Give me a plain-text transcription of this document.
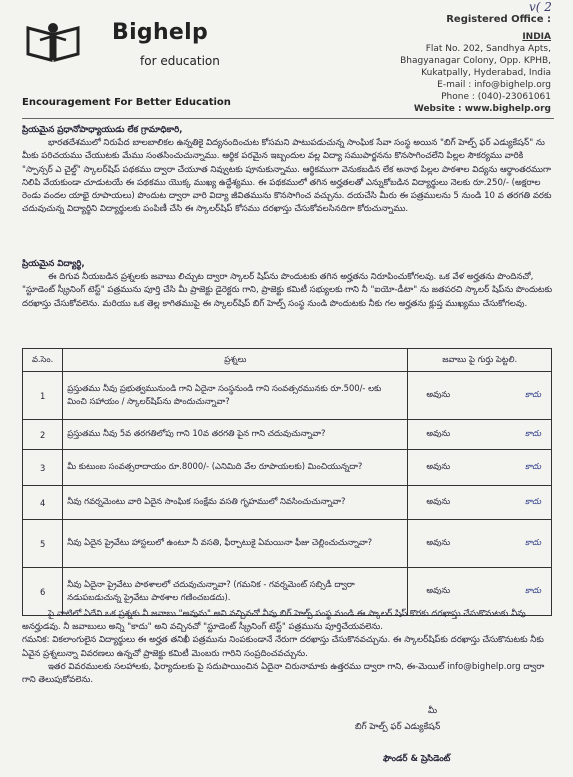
v( 2
Bighelp
for education
Encouragement For Better Education
Registered Office :
INDIA
Flat No. 202, Sandhya Apts,
Bhagyanagar Colony, Opp. KPHB,
Kukatpally, Hyderabad, India
E-mail : info@bighelp.org
Phone : (040)-23061061
Website : www.bighelp.org

ప్రియమైన ప్రధానోపాధ్యాయుడు లేక గ్రామాధికారి,

భారతదేశములో నిరుపేద బాలబాలికల ఉన్నతికై విద్యనందించుట కోసమని పాటుపడుచున్న సాంఘిక సేవా సంస్థ అయిన "బిగ్ హెల్ప్ ఫర్ ఎడ్యుకేషన్" ను మీకు పరిచయము చేయుటకు మేము సంతసించుచున్నాము. ఆర్థిక పరమైన ఇబ్బందుల వల్ల విద్యా సముపార్జనను కొనసాగించలేని పిల్లల సౌకర్యము వారికి "స్పాన్సర్ ఎ చైల్డ్" స్కాలర్‌షిప్ పథకము ద్వారా చేయూత నివ్వుటకు పూనుకున్నాము. ఆర్థికముగా వెనుకబడిన లేక అనాథ పిల్లల పాఠశాల విద్యను ఆర్థాంతరముగా నిలిపి వేయకుండా చూడుటయే ఈ పథకము యొక్క ముఖ్య ఉద్దేశ్యము. ఈ పథకములో తగిన అర్హతలతో ఎన్నుకోబడిన విద్యార్థులు నెలకు రూ.250/- (అక్షరాల రెండు వందల యాభై రూపాయలు) పొందుట ద్వారా వారి విద్యా జీవితమును కొనసాగించ వచ్చును. దయచేసి మీరు ఈ పత్రములను 5 నుండి 10 వ తరగతి వరకు చదువుచున్న విద్యార్థిని విద్యార్థులకు పంపిణీ చేసి ఈ స్కాలర్‌షిప్ కోసము దరఖాస్తు చేసుకోవలసినదిగా కోరుచున్నాము.

ప్రియమైన విద్యార్థి,

ఈ దిగువ నీయబడిన ప్రశ్నలకు జవాబు లిచ్చుట ద్వారా స్కాలర్ షిప్‌ను పొందుటకు తగిన అర్హతను నిరూపించుకోగలవు. ఒక వేళ అర్హతను పొందినచో, "స్టూడెంట్ స్క్రీనింగ్ టెస్ట్" పత్రమును పూర్తి చేసి మీ ప్రాజెక్టు డైరెక్టరు గాని, ప్రాజెక్టు కమిటీ సభ్యులకు గాని నీ "ఐయో-డీటా" ను జతపరచి స్కాలర్ షిప్‌ను పొందుటకు దరఖాస్తు చేసుకోవలెను. మరియు ఒక తెల్ల కాగితముపై ఈ స్కాలర్‌షిప్ బిగ్ హెల్ప్ సంస్థ నుండి పొందుటకు నీకు గల అర్హతను క్లుప్త ముఖ్యము చేసుకోగలవు.

వ.సెం.	ప్రశ్నలు	జవాబు పై గుర్తు పెట్టలి.
1	ప్రస్తుతము నీవు ప్రభుత్వమునుండి గాని ఏదైనా సంస్థనుండి గాని సంవత్సరమునకు రూ.500/- లకు మించి సహాయం / స్కాలర్‌షిప్‌ను పొందుచున్నావా?	అవును కాదు

2	ప్రస్తుతము నీవు 5వ తరగతిలోపు గాని 10వ తరగతి పైన గాని చదువుచున్నావా?	అవును కాదు

3	మీ కుటుంబ సంవత్సరాదాయం రూ.8000/- (ఎనిమిది వేల రూపాయలకు) మించియున్నదా?	అవును కాదు

4	నీవు గవర్నమెంటు వారి ఏదైన సాంఘిక సంక్షేమ వసతి గృహములో నివసించుచున్నావా?	అవును కాదు

5	నీవు ఏదైన ప్రైవేటు హాస్టలులో ఉంటూ నీ వసతి, ఫీర్పాటుకై ఏమయినా ఫీజు చెల్లించుచున్నావా?	అవును కాదు

6	నీవు ఏదైనా ప్రైవేటు పాఠశాలలో చదువుచున్నావా? (గమనిక - గవర్నమెంట్ సబ్సిడీ ద్వారా నడుపబడుచున్న ప్రైవేటు పాఠశాల గణించబడదు).	అవును కాదు

పై వాటిలో ఏదేని ఒక ప్రశ్నకు నీ జవాబు "అవును" అని వచ్చినచో నీవు బిగ్ హెల్ప్ సంస్థ నుండి ఈ స్కాలర్ షిప్ కొరకు దరఖాస్తు చేసుకొనుటకు నీవు అనర్హుడవు. నీ జవాబులు అన్ని "కాదు" అని వచ్చినచో "స్టూడెంట్ స్క్రీనింగ్ టెస్ట్" పత్రమును పూర్తిచేయవలెను.

గమనిక: వికలాంగులైన విద్యార్థులు ఈ అర్హత తనిఖీ పత్రమును నింపకుండానే నేరుగా దరఖాస్తు చేసుకొనవచ్చును. ఈ స్కాలర్‌షిప్‌కు దరఖాస్తు చేసుకొనుటకు నీకు ఏవైన ప్రశ్నలున్నా వివరణలు ఉన్నచో ప్రాజెక్టు కమిటీ మెంబరు గారిని సంప్రదించవచ్చును.

ఇతర వివరములకు సలహాలకు, ఫిర్యాదులకు పై సదుపాయించిన ఏదైనా చిరునామాకు ఉత్తరము ద్వారా గాని, ఈ-మెయిల్ info@bighelp.org ద్వారా గాని తెలుపుకోవలెను.

మీ
బిగ్ హెల్ప్ ఫర్ ఎడ్యుకేషన్
ఫౌండర్ & ప్రెసిడెంట్
